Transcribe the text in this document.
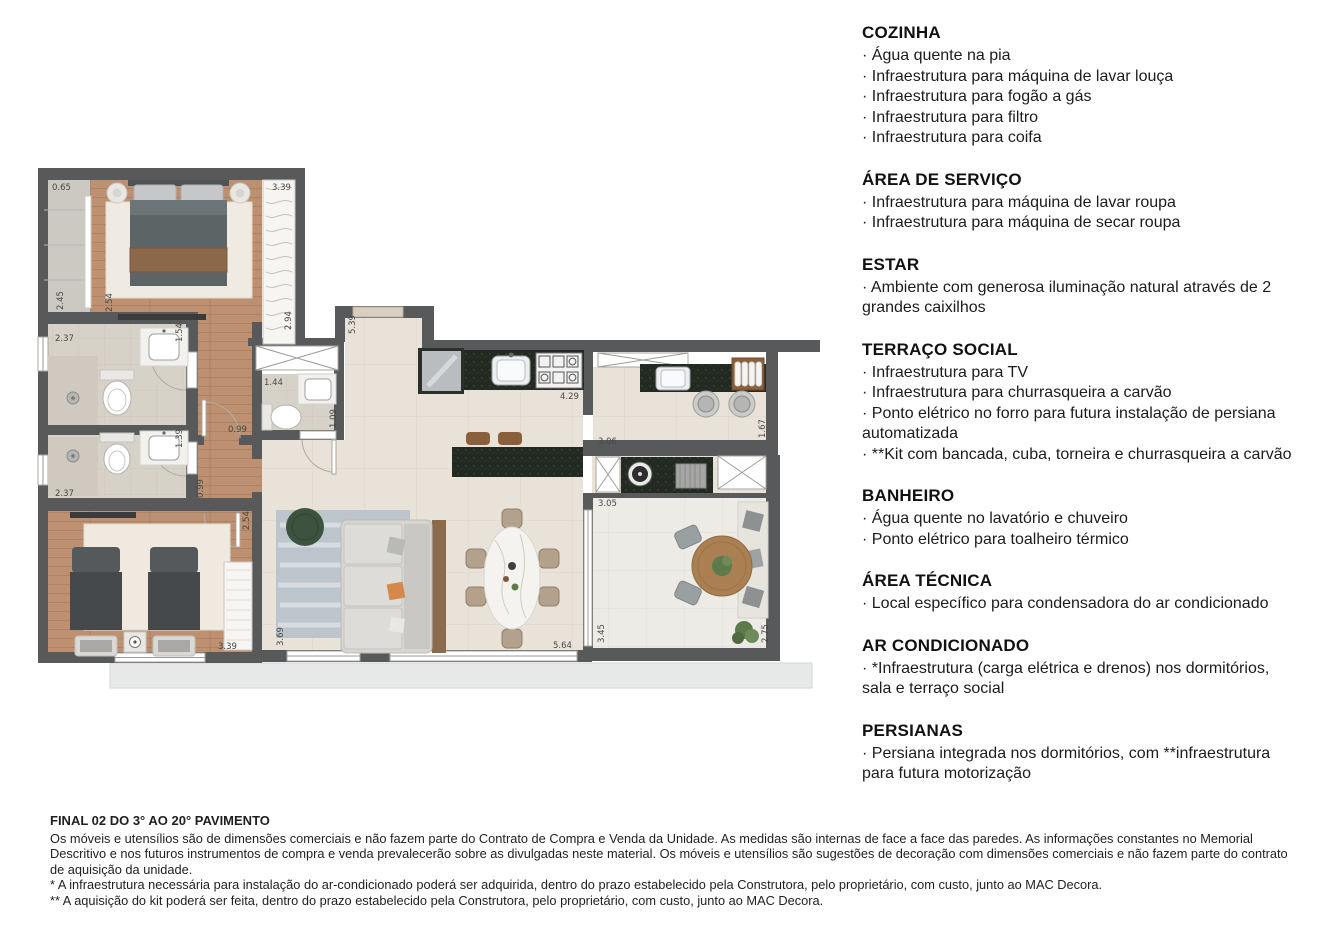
0.65	3.39
2.45	2.54
1.54
2.37
2.94
1.39
2.37
0.99
0.99
2.54
3.39
3.69
1.44
1.09
5.39
4.29
3.06
1.67
3.05
3.45	2.75
5.64
COZINHA

· Água quente na pia

· Infraestrutura para máquina de lavar louça

· Infraestrutura para fogão a gás

· Infraestrutura para filtro

· Infraestrutura para coifa

ÁREA DE SERVIÇO

· Infraestrutura para máquina de lavar roupa

· Infraestrutura para máquina de secar roupa

ESTAR

· Ambiente com generosa iluminação natural através de 2 grandes caixilhos

TERRAÇO SOCIAL

· Infraestrutura para TV

· Infraestrutura para churrasqueira a carvão

· Ponto elétrico no forro para futura instalação de persiana automatizada

· **Kit com bancada, cuba, torneira e churrasqueira a carvão

BANHEIRO

· Água quente no lavatório e chuveiro

· Ponto elétrico para toalheiro térmico

ÁREA TÉCNICA

· Local específico para condensadora do ar condicionado

AR CONDICIONADO

· *Infraestrutura (carga elétrica e drenos) nos dormitórios, sala e terraço social

PERSIANAS

· Persiana integrada nos dormitórios, com **infraestrutura para futura motorização

FINAL 02 DO 3° AO 20° PAVIMENTO

Os móveis e utensílios são de dimensões comerciais e não fazem parte do Contrato de Compra e Venda da Unidade. As medidas são internas de face a face das paredes. As informações constantes no Memorial Descritivo e nos futuros instrumentos de compra e venda prevalecerão sobre as divulgadas neste material. Os móveis e utensílios são sugestões de decoração com dimensões comerciais e não fazem parte do contrato de aquisição da unidade.

* A infraestrutura necessária para instalação do ar-condicionado poderá ser adquirida, dentro do prazo estabelecido pela Construtora, pelo proprietário, com custo, junto ao MAC Decora.

** A aquisição do kit poderá ser feita, dentro do prazo estabelecido pela Construtora, pelo proprietário, com custo, junto ao MAC Decora.
